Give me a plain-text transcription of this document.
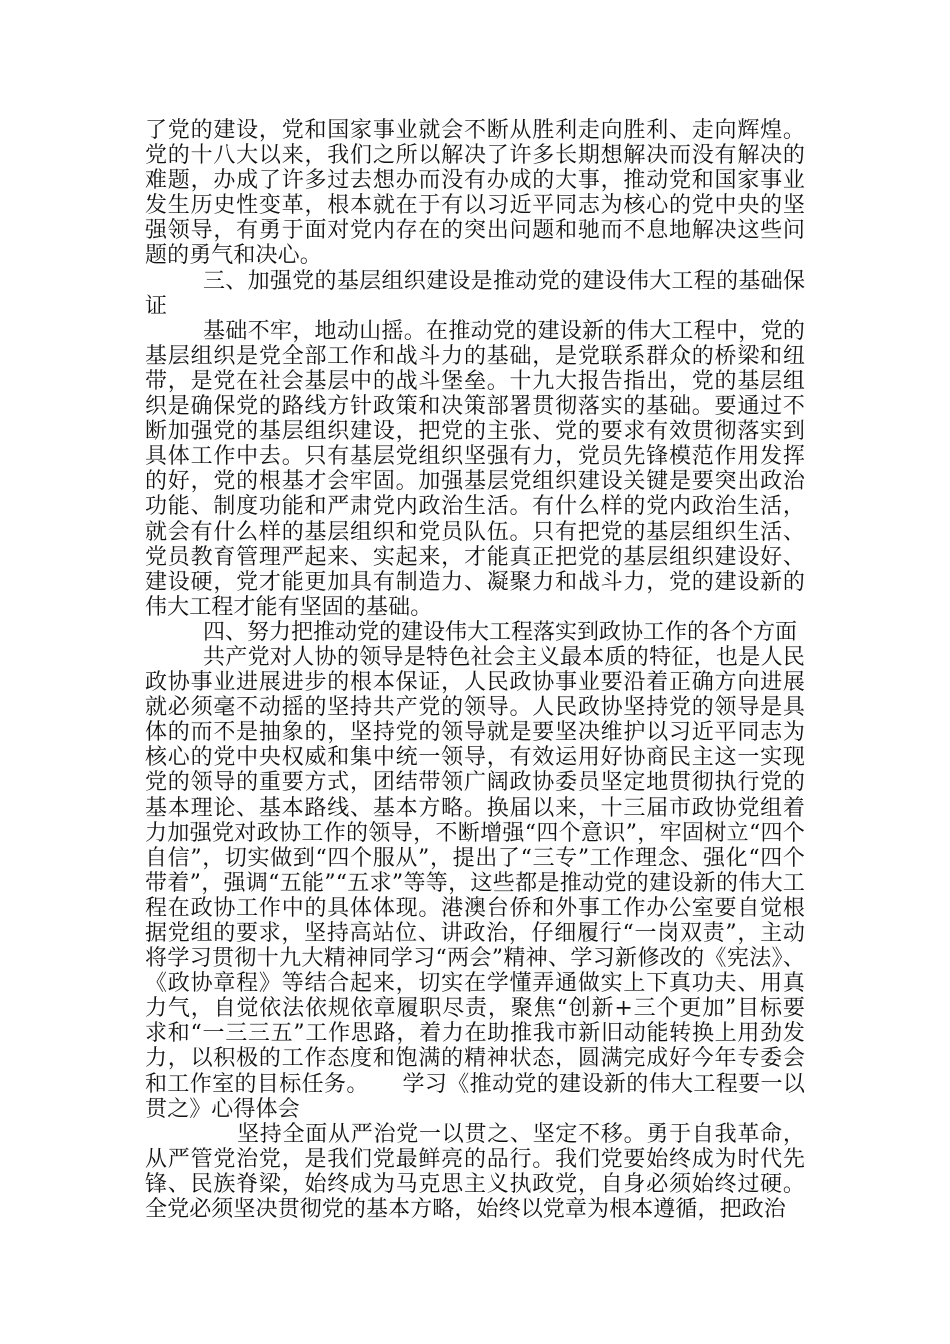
了党的建设，党和国家事业就会不断从胜利走向胜利、走向辉煌。党的十八大以来，我们之所以解决了许多长期想解决而没有解决的难题，办成了许多过去想办而没有办成的大事，推动党和国家事业发生历史性变革，根本就在于有以习近平同志为核心的党中央的坚强领导，有勇于面对党内存在的突出问题和驰而不息地解决这些问题的勇气和决心。

三、加强党的基层组织建设是推动党的建设伟大工程的基础保证

基础不牢，地动山摇。在推动党的建设新的伟大工程中，党的基层组织是党全部工作和战斗力的基础，是党联系群众的桥梁和纽带，是党在社会基层中的战斗堡垒。十九大报告指出，党的基层组织是确保党的路线方针政策和决策部署贯彻落实的基础。要通过不断加强党的基层组织建设，把党的主张、党的要求有效贯彻落实到具体工作中去。只有基层党组织坚强有力，党员先锋模范作用发挥的好，党的根基才会牢固。加强基层党组织建设关键是要突出政治功能、制度功能和严肃党内政治生活。有什么样的党内政治生活，就会有什么样的基层组织和党员队伍。只有把党的基层组织生活、党员教育管理严起来、实起来，才能真正把党的基层组织建设好、建设硬，党才能更加具有制造力、凝聚力和战斗力，党的建设新的伟大工程才能有坚固的基础。

四、努力把推动党的建设伟大工程落实到政协工作的各个方面

共产党对人协的领导是特色社会主义最本质的特征，也是人民政协事业进展进步的根本保证，人民政协事业要沿着正确方向进展就必须毫不动摇的坚持共产党的领导。人民政协坚持党的领导是具体的而不是抽象的，坚持党的领导就是要坚决维护以习近平同志为核心的党中央权威和集中统一领导，有效运用好协商民主这一实现党的领导的重要方式，团结带领广阔政协委员坚定地贯彻执行党的基本理论、基本路线、基本方略。换届以来，十三届市政协党组着力加强党对政协工作的领导，不断增强“四个意识”，牢固树立“四个自信”，切实做到“四个服从”，提出了“三专”工作理念、强化“四个带着”，强调“五能”“五求”等等，这些都是推动党的建设新的伟大工程在政协工作中的具体体现。港澳台侨和外事工作办公室要自觉根据党组的要求，坚持高站位、讲政治，仔细履行“一岗双责”，主动将学习贯彻十九大精神同学习“两会”精神、学习新修改的《宪法》、《政协章程》等结合起来，切实在学懂弄通做实上下真功夫、用真力气，自觉依法依规依章履职尽责，聚焦“创新+三个更加”目标要求和“一三三五”工作思路，着力在助推我市新旧动能转换上用劲发力，以积极的工作态度和饱满的精神状态，圆满完成好今年专委会和工作室的目标任务。　　学习《推动党的建设新的伟大工程要一以贯之》心得体会

坚持全面从严治党一以贯之、坚定不移。勇于自我革命，从严管党治党，是我们党最鲜亮的品行。我们党要始终成为时代先锋、民族脊梁，始终成为马克思主义执政党，自身必须始终过硬。全党必须坚决贯彻党的基本方略，始终以党章为根本遵循，把政治
